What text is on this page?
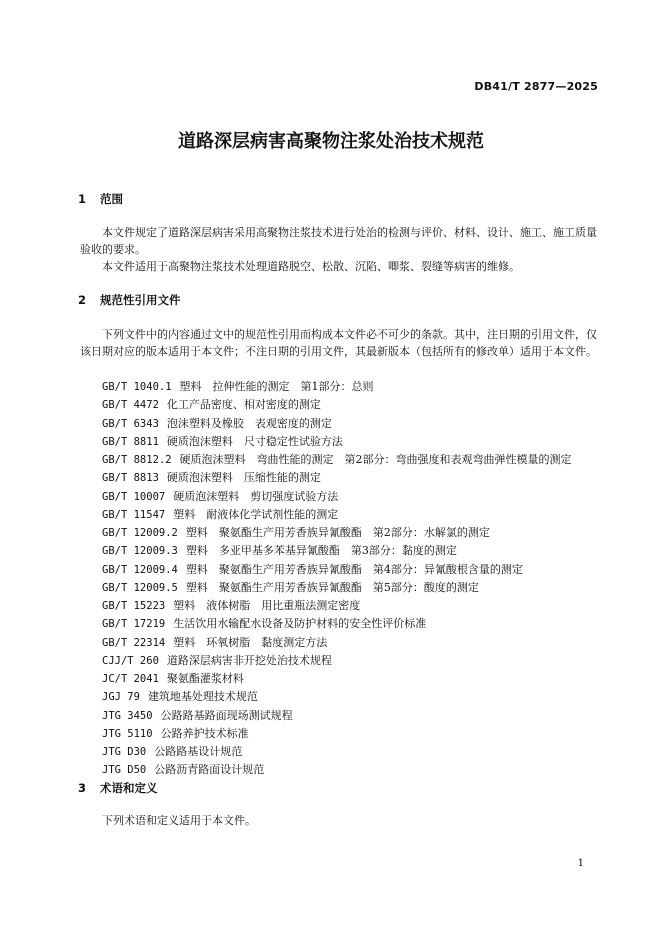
DB41/T 2877—2025
道路深层病害高聚物注浆处治技术规范
1 范围
本文件规定了道路深层病害采用高聚物注浆技术进行处治的检测与评价、材料、设计、施工、施工质量验收的要求。
本文件适用于高聚物注浆技术处理道路脱空、松散、沉陷、唧浆、裂缝等病害的维修。
2 规范性引用文件
下列文件中的内容通过文中的规范性引用而构成本文件必不可少的条款。其中，注日期的引用文件，仅该日期对应的版本适用于本文件；不注日期的引用文件，其最新版本（包括所有的修改单）适用于本文件。
GB/T 1040.1 塑料　拉伸性能的测定　第1部分：总则
GB/T 4472 化工产品密度、相对密度的测定
GB/T 6343 泡沫塑料及橡胶　表观密度的测定
GB/T 8811 硬质泡沫塑料　尺寸稳定性试验方法
GB/T 8812.2 硬质泡沫塑料　弯曲性能的测定　第2部分：弯曲强度和表观弯曲弹性模量的测定
GB/T 8813 硬质泡沫塑料　压缩性能的测定
GB/T 10007 硬质泡沫塑料　剪切强度试验方法
GB/T 11547 塑料　耐液体化学试剂性能的测定
GB/T 12009.2 塑料　聚氨酯生产用芳香族异氰酸酯　第2部分：水解氯的测定
GB/T 12009.3 塑料　多亚甲基多苯基异氰酸酯　第3部分：黏度的测定
GB/T 12009.4 塑料　聚氨酯生产用芳香族异氰酸酯　第4部分：异氰酸根含量的测定
GB/T 12009.5 塑料　聚氨酯生产用芳香族异氰酸酯　第5部分：酸度的测定
GB/T 15223 塑料　液体树脂　用比重瓶法测定密度
GB/T 17219 生活饮用水输配水设备及防护材料的安全性评价标准
GB/T 22314 塑料　环氧树脂　黏度测定方法
CJJ/T 260 道路深层病害非开挖处治技术规程
JC/T 2041 聚氨酯灌浆材料
JGJ 79 建筑地基处理技术规范
JTG 3450 公路路基路面现场测试规程
JTG 5110 公路养护技术标准
JTG D30 公路路基设计规范
JTG D50 公路沥青路面设计规范
3 术语和定义
下列术语和定义适用于本文件。
1
